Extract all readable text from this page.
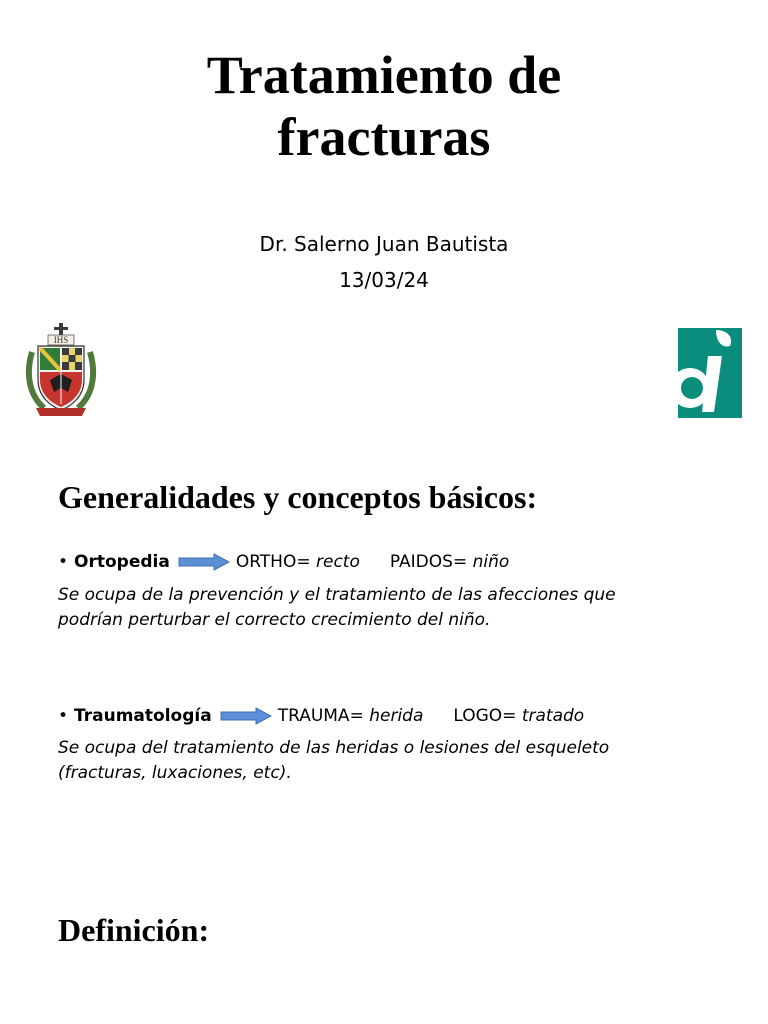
Tratamiento de
fracturas
Dr. Salerno Juan Bautista
13/03/24
IHS
Generalidades y conceptos básicos:
• Ortopedia	ORTHO=
recto PAIDOS=
niño

Se ocupa de la prevención y el tratamiento de las afecciones que
podrían perturbar el correcto crecimiento del niño.

• Traumatología	TRAUMA=
herida LOGO=
tratado

Se ocupa del tratamiento de las heridas o lesiones del esqueleto
(fracturas, luxaciones, etc).

Definición:
